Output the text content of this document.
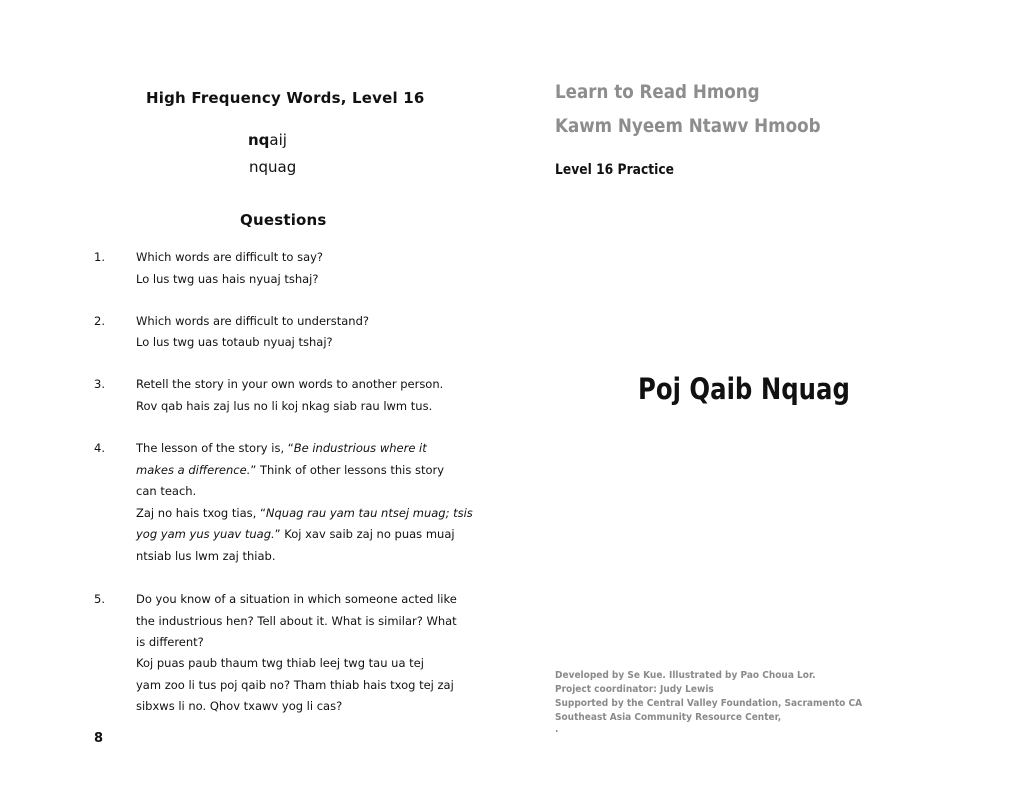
High Frequency Words, Level 16
nqaij
nquag
Questions
1.	Which words are difficult to say?
Lo lus twg uas hais nyuaj tshaj?
2.	Which words are difficult to understand?
Lo lus twg uas totaub nyuaj tshaj?
3.	Retell the story in your own words to another person.
Rov qab hais zaj lus no li koj nkag siab rau lwm tus.
4.	The lesson of the story is, “Be industrious where it
makes a difference.” Think of other lessons this story
can teach.
Zaj no hais txog tias, “Nquag rau yam tau ntsej muag; tsis
yog yam yus yuav tuag.” Koj xav saib zaj no puas muaj
ntsiab lus lwm zaj thiab.
5.	Do you know of a situation in which someone acted like
the industrious hen? Tell about it. What is similar? What
is different?
Koj puas paub thaum twg thiab leej twg tau ua tej
yam zoo li tus poj qaib no? Tham thiab hais txog tej zaj
sibxws li no. Qhov txawv yog li cas?
8
Learn to Read Hmong
Kawm Nyeem Ntawv Hmoob
Level 16 Practice
Poj Qaib Nquag
Developed by Se Kue. Illustrated by Pao Choua Lor.
Project coordinator: Judy Lewis
Supported by the Central Valley Foundation, Sacramento CA
Southeast Asia Community Resource Center,
.
